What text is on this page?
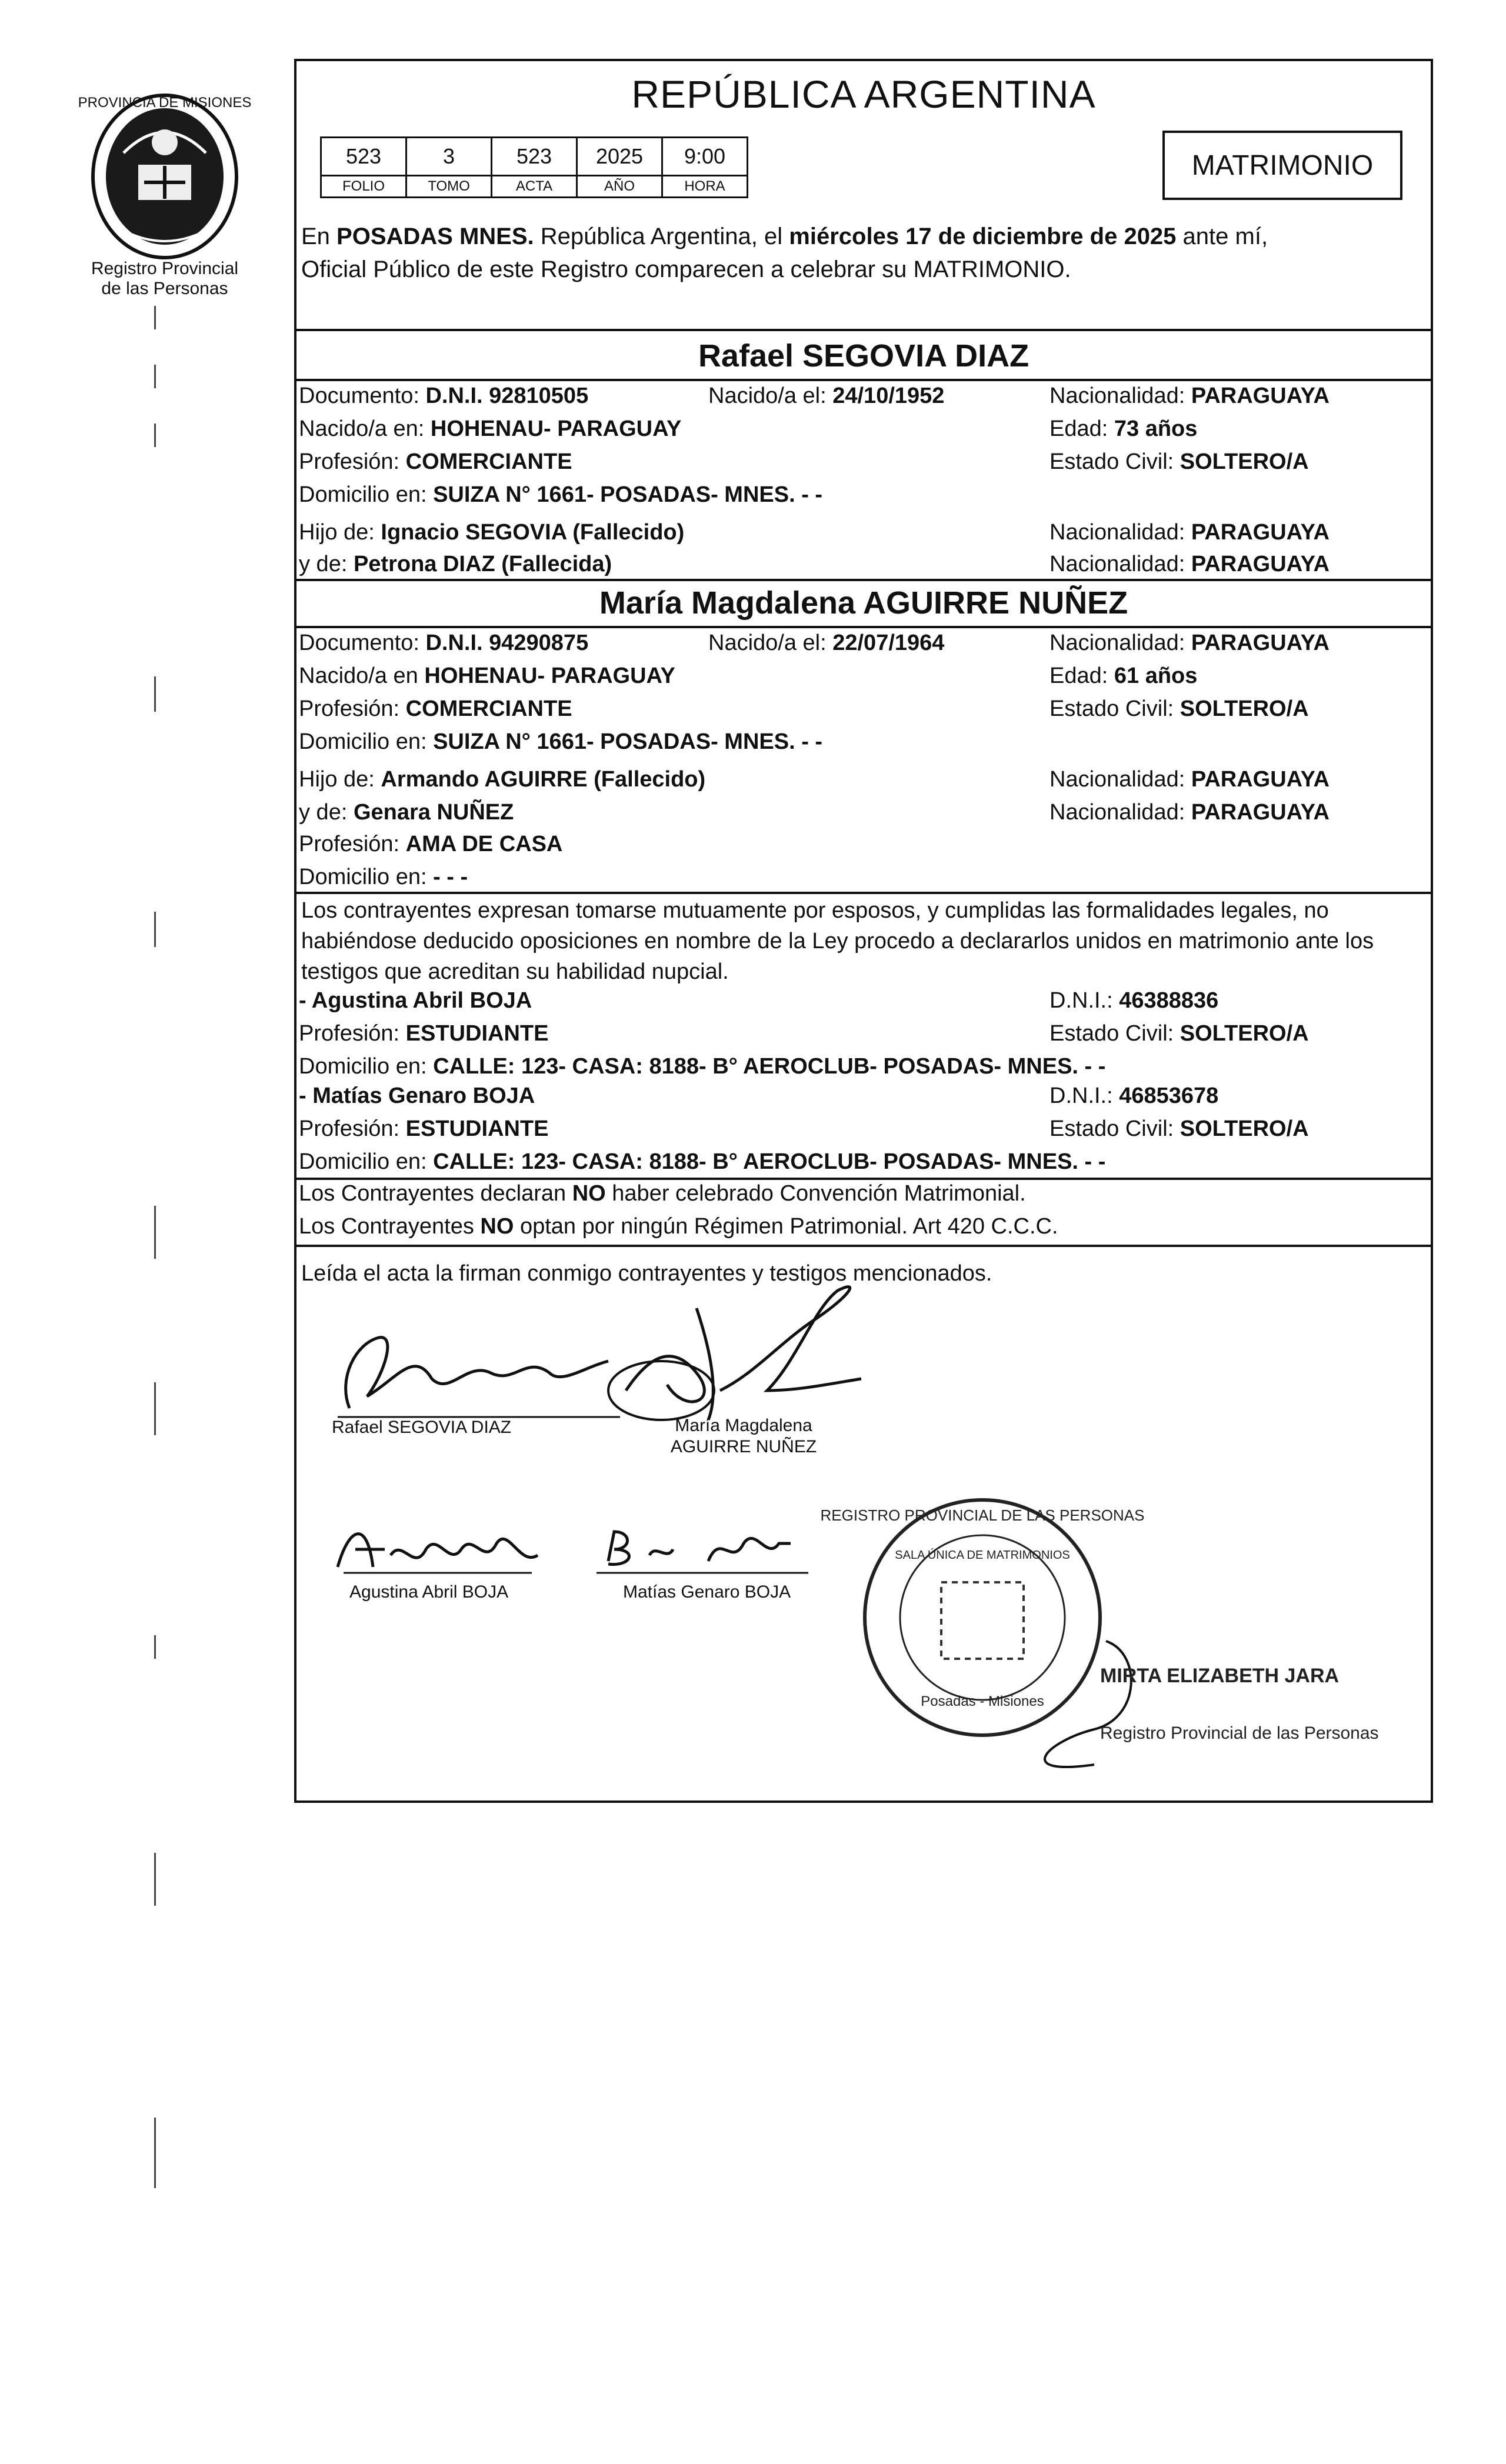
PROVINCIA DE MISIONES
Registro Provincial
de las Personas
REPÚBLICA ARGENTINA
523	3	523	2025	9:00
FOLIO	TOMO	ACTA	AÑO	HORA
MATRIMONIO
En POSADAS MNES. República Argentina, el miércoles 17 de diciembre de 2025 ante mí,
Oficial Público de este Registro comparecen a celebrar su MATRIMONIO.
Rafael SEGOVIA DIAZ
Documento: D.N.I. 92810505	Nacido/a el: 24/10/1952	Nacionalidad: PARAGUAYA
Nacido/a en: HOHENAU- PARAGUAY	Edad: 73 años
Profesión: COMERCIANTE	Estado Civil: SOLTERO/A
Domicilio en: SUIZA N° 1661- POSADAS- MNES. - -
Hijo de: Ignacio SEGOVIA (Fallecido)	Nacionalidad: PARAGUAYA
y de: Petrona DIAZ (Fallecida)	Nacionalidad: PARAGUAYA
María Magdalena AGUIRRE NUÑEZ
Documento: D.N.I. 94290875	Nacido/a el: 22/07/1964	Nacionalidad: PARAGUAYA
Nacido/a en HOHENAU- PARAGUAY	Edad: 61 años
Profesión: COMERCIANTE	Estado Civil: SOLTERO/A
Domicilio en: SUIZA N° 1661- POSADAS- MNES. - -
Hijo de: Armando AGUIRRE (Fallecido)	Nacionalidad: PARAGUAYA
y de: Genara NUÑEZ	Nacionalidad: PARAGUAYA
Profesión: AMA DE CASA
Domicilio en: - - -
Los contrayentes expresan tomarse mutuamente por esposos, y cumplidas las formalidades legales, no habiéndose deducido oposiciones en nombre de la Ley procedo a declararlos unidos en matrimonio ante los testigos que acreditan su habilidad nupcial.
- Agustina Abril BOJA	D.N.I.: 46388836
Profesión: ESTUDIANTE	Estado Civil: SOLTERO/A
Domicilio en: CALLE: 123- CASA: 8188- B° AEROCLUB- POSADAS- MNES. - -
- Matías Genaro BOJA	D.N.I.: 46853678
Profesión: ESTUDIANTE	Estado Civil: SOLTERO/A
Domicilio en: CALLE: 123- CASA: 8188- B° AEROCLUB- POSADAS- MNES. - -
Los Contrayentes declaran NO haber celebrado Convención Matrimonial.
Los Contrayentes NO optan por ningún Régimen Patrimonial. Art 420 C.C.C.
Leída el acta la firman conmigo contrayentes y testigos mencionados.
Rafael SEGOVIA DIAZ	María Magdalena
AGUIRRE NUÑEZ
Agustina Abril BOJA	Matías Genaro BOJA
REGISTRO PROVINCIAL DE LAS PERSONAS
SALA ÚNICA DE MATRIMONIOS
Posadas - Misiones
MIRTA ELIZABETH JARA
Registro Provincial de las Personas
